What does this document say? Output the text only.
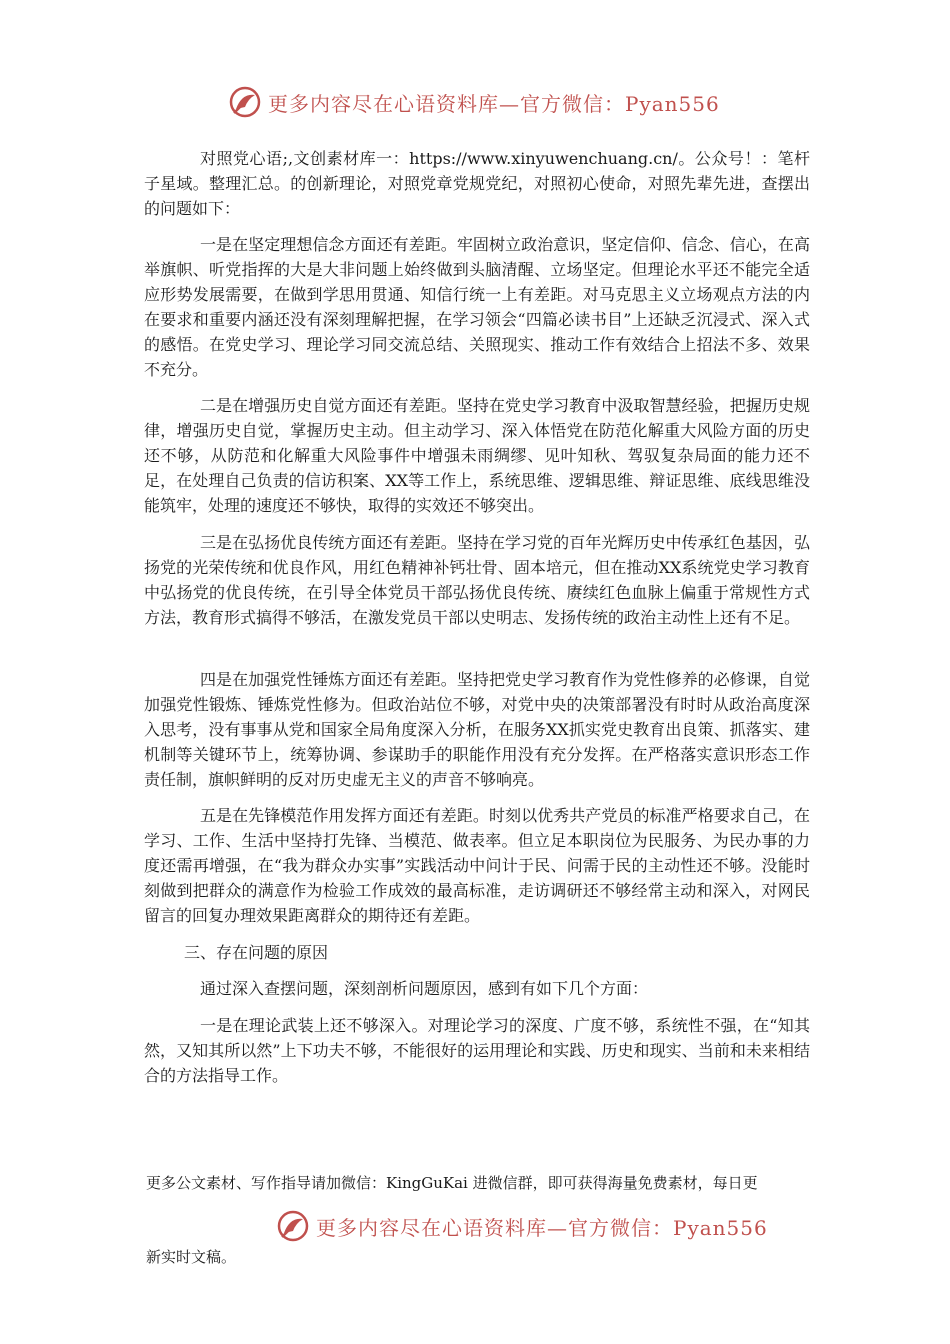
更多内容尽在心语资料库—官方微信：Pyan556

对照党心语;,文创素材库一：https://www.xinyuwenchuang.cn/。公众号！：笔杆子星域。整理汇总。的创新理论，对照党章党规党纪，对照初心使命，对照先辈先进，查摆出的问题如下：

一是在坚定理想信念方面还有差距。牢固树立政治意识，坚定信仰、信念、信心，在高举旗帜、听党指挥的大是大非问题上始终做到头脑清醒、立场坚定。但理论水平还不能完全适应形势发展需要，在做到学思用贯通、知信行统一上有差距。对马克思主义立场观点方法的内在要求和重要内涵还没有深刻理解把握，在学习领会“四篇必读书目”上还缺乏沉浸式、深入式的感悟。在党史学习、理论学习同交流总结、关照现实、推动工作有效结合上招法不多、效果不充分。

二是在增强历史自觉方面还有差距。坚持在党史学习教育中汲取智慧经验，把握历史规律，增强历史自觉，掌握历史主动。但主动学习、深入体悟党在防范化解重大风险方面的历史还不够，从防范和化解重大风险事件中增强未雨绸缪、见叶知秋、驾驭复杂局面的能力还不足，在处理自己负责的信访积案、XX等工作上，系统思维、逻辑思维、辩证思维、底线思维没能筑牢，处理的速度还不够快，取得的实效还不够突出。

三是在弘扬优良传统方面还有差距。坚持在学习党的百年光辉历史中传承红色基因，弘扬党的光荣传统和优良作风，用红色精神补钙壮骨、固本培元，但在推动XX系统党史学习教育中弘扬党的优良传统，在引导全体党员干部弘扬优良传统、赓续红色血脉上偏重于常规性方式方法，教育形式搞得不够活，在激发党员干部以史明志、发扬传统的政治主动性上还有不足。

四是在加强党性锤炼方面还有差距。坚持把党史学习教育作为党性修养的必修课，自觉加强党性锻炼、锤炼党性修为。但政治站位不够，对党中央的决策部署没有时时从政治高度深入思考，没有事事从党和国家全局角度深入分析，在服务XX抓实党史教育出良策、抓落实、建机制等关键环节上，统筹协调、参谋助手的职能作用没有充分发挥。在严格落实意识形态工作责任制，旗帜鲜明的反对历史虚无主义的声音不够响亮。

五是在先锋模范作用发挥方面还有差距。时刻以优秀共产党员的标准严格要求自己，在学习、工作、生活中坚持打先锋、当模范、做表率。但立足本职岗位为民服务、为民办事的力度还需再增强，在“我为群众办实事”实践活动中问计于民、问需于民的主动性还不够。没能时刻做到把群众的满意作为检验工作成效的最高标准，走访调研还不够经常主动和深入，对网民留言的回复办理效果距离群众的期待还有差距。

三、存在问题的原因

通过深入查摆问题，深刻剖析问题原因，感到有如下几个方面：

一是在理论武装上还不够深入。对理论学习的深度、广度不够，系统性不强，在“知其然，又知其所以然”上下功夫不够，不能很好的运用理论和实践、历史和现实、当前和未来相结合的方法指导工作。

更多公文素材、写作指导请加微信：KingGuKai 进微信群，即可获得海量免费素材，每日更
更多内容尽在心语资料库—官方微信：Pyan556
新实时文稿。
